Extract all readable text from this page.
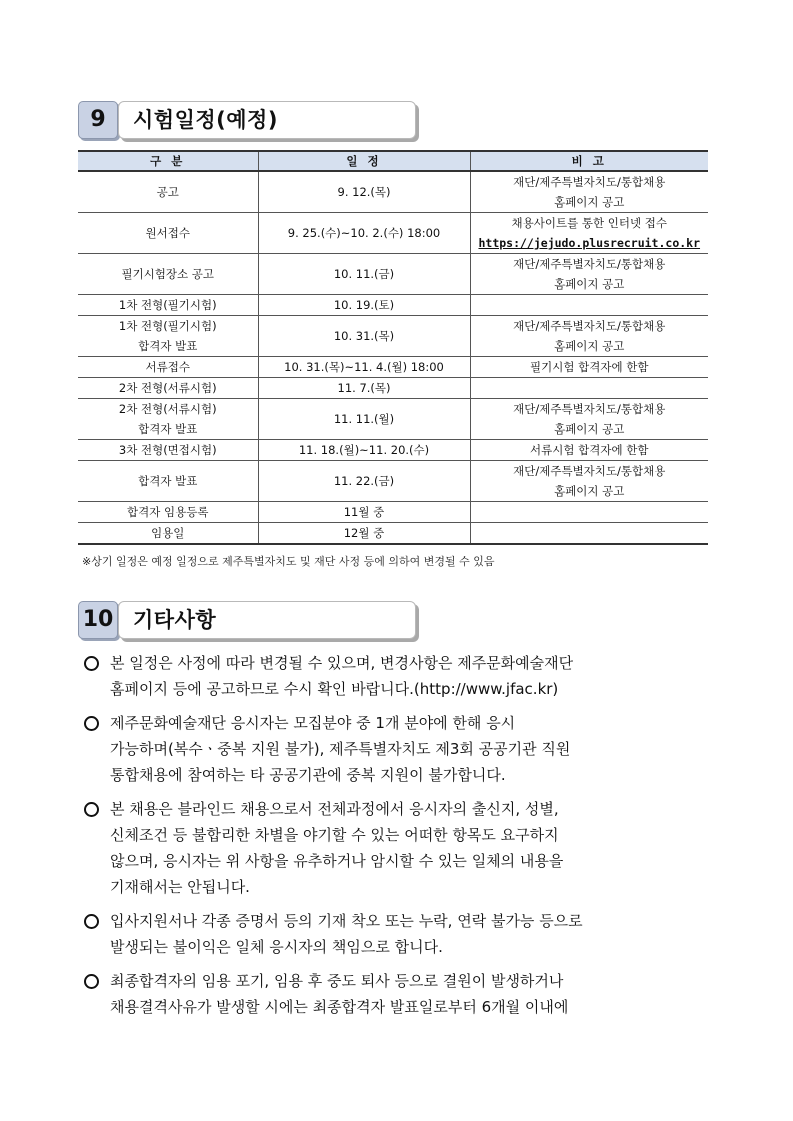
9	시험일정(예정)
구 분	일 정	비 고

공고	9. 12.(목)	재단/제주특별자치도/통합채용
홈페이지 공고

원서접수	9. 25.(수)~10. 2.(수) 18:00	채용사이트를 통한 인터넷 접수
https://jejudo.plusrecruit.co.kr

필기시험장소 공고	10. 11.(금)	재단/제주특별자치도/통합채용
홈페이지 공고

1차 전형(필기시험)	10. 19.(토)	

1차 전형(필기시험)
합격자 발표	10. 31.(목)	재단/제주특별자치도/통합채용
홈페이지 공고

서류접수	10. 31.(목)~11. 4.(월) 18:00	필기시험 합격자에 한함

2차 전형(서류시험)	11. 7.(목)	

2차 전형(서류시험)
합격자 발표	11. 11.(월)	재단/제주특별자치도/통합채용
홈페이지 공고

3차 전형(면접시험)	11. 18.(월)~11. 20.(수)	서류시험 합격자에 한함

합격자 발표	11. 22.(금)	재단/제주특별자치도/통합채용
홈페이지 공고

합격자 임용등록	11월 중	

임용일	12월 중	

※상기 일정은 예정 일정으로 제주특별자치도 및 재단 사정 등에 의하여 변경될 수 있음
10 기타사항
본 일정은 사정에 따라 변경될 수 있으며, 변경사항은 제주문화예술재단
홈페이지 등에 공고하므로 수시 확인 바랍니다.(http://www.jfac.kr)
제주문화예술재단 응시자는 모집분야 중 1개 분야에 한해 응시
가능하며(복수ㆍ중복 지원 불가), 제주특별자치도 제3회 공공기관 직원
통합채용에 참여하는 타 공공기관에 중복 지원이 불가합니다.
본 채용은 블라인드 채용으로서 전체과정에서 응시자의 출신지, 성별,
신체조건 등 불합리한 차별을 야기할 수 있는 어떠한 항목도 요구하지
않으며, 응시자는 위 사항을 유추하거나 암시할 수 있는 일체의 내용을
기재해서는 안됩니다.
입사지원서나 각종 증명서 등의 기재 착오 또는 누락, 연락 불가능 등으로
발생되는 불이익은 일체 응시자의 책임으로 합니다.
최종합격자의 임용 포기, 임용 후 중도 퇴사 등으로 결원이 발생하거나
채용결격사유가 발생할 시에는 최종합격자 발표일로부터 6개월 이내에
